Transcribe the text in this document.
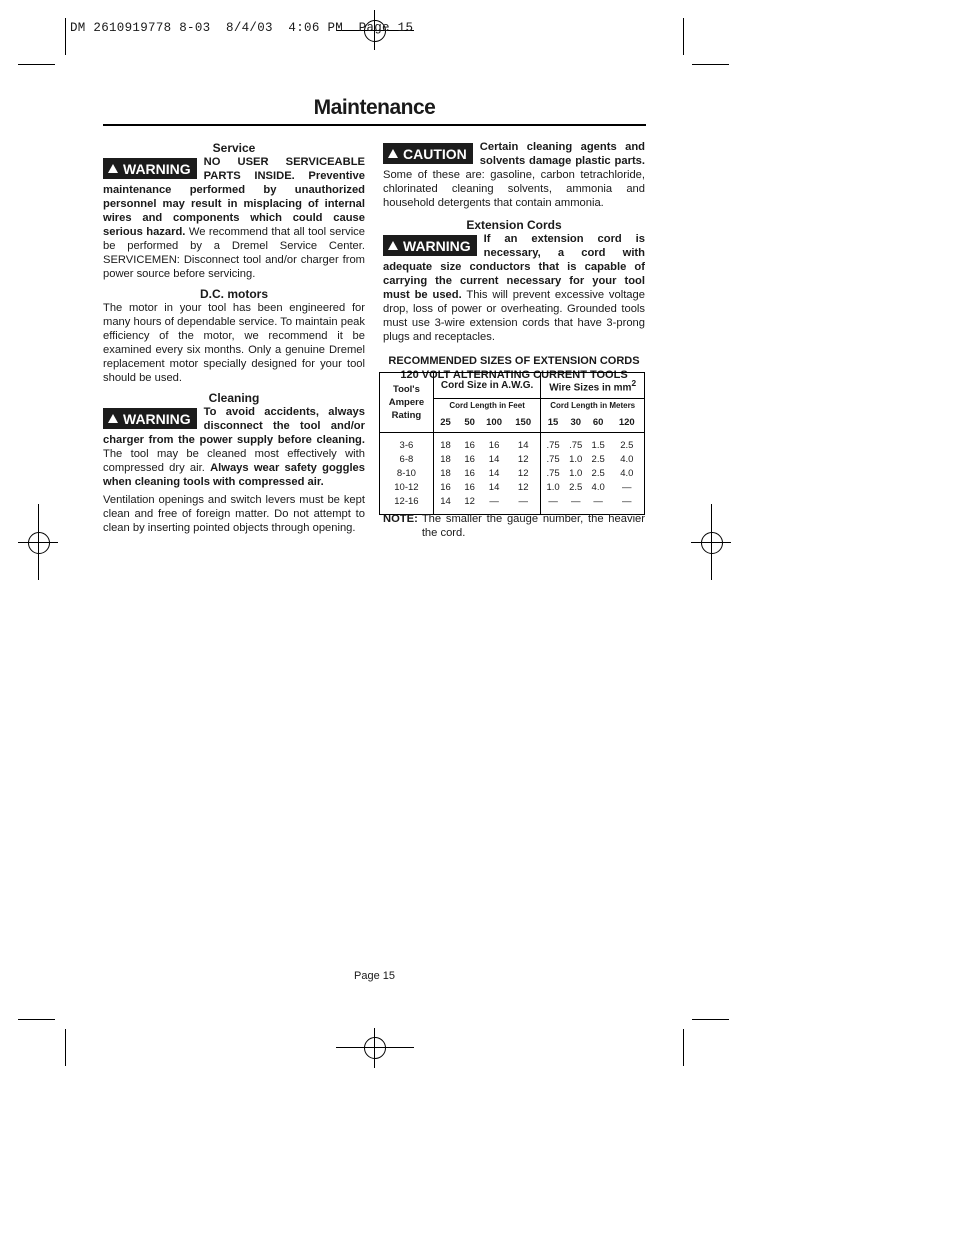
DM 2610919778 8-03  8/4/03  4:06 PM  Page 15
Maintenance

Service

WARNING NO USER SERVICEABLE PARTS INSIDE. Preventive maintenance performed by unauthorized personnel may result in misplacing of internal wires and components which could cause serious hazard. We recommend that all tool service be performed by a Dremel Service Center. SERVICEMEN: Disconnect tool and/or charger from power source before servicing.

D.C. motors

The motor in your tool has been engineered for many hours of dependable service. To maintain peak efficiency of the motor, we recommend it be examined every six months. Only a genuine Dremel replacement motor specially designed for your tool should be used.

Cleaning

WARNING To avoid accidents, always disconnect the tool and/or charger from the power supply before cleaning. The tool may be cleaned most effectively with compressed dry air. Always wear safety goggles when cleaning tools with compressed air.

Ventilation openings and switch levers must be kept clean and free of foreign matter. Do not attempt to clean by inserting pointed objects through opening.

CAUTION Certain cleaning agents and solvents damage plastic parts. Some of these are: gasoline, carbon tetrachloride, chlorinated cleaning solvents, ammonia and household detergents that contain ammonia.

Extension Cords

WARNING If an extension cord is necessary, a cord with adequate size conductors that is capable of carrying the current necessary for your tool must be used. This will prevent excessive voltage drop, loss of power or overheating. Grounded tools must use 3-wire extension cords that have 3-prong plugs and receptacles.

RECOMMENDED SIZES OF EXTENSION CORDS

120 VOLT ALTERNATING CURRENT TOOLS

Tool's
Ampere
Rating	Cord Size in A.W.G.				Wire Sizes in $mm^2$
	Cord Length in Feet				Cord Length in Meters			
	25	50	100	150	15	30	60	120

3-6	18	16	16	14	.75	.75	1.5	2.5
6-8	18	16	14	12	.75	1.0	2.5	4.0
8-10	18	16	14	12	.75	1.0	2.5	4.0
10-12	16	16	14	12	1.0	2.5	4.0	—
12-16	14	12	—	—	—	—	—	—

NOTE: The smaller the gauge number, the heavier the cord.
Page 15
